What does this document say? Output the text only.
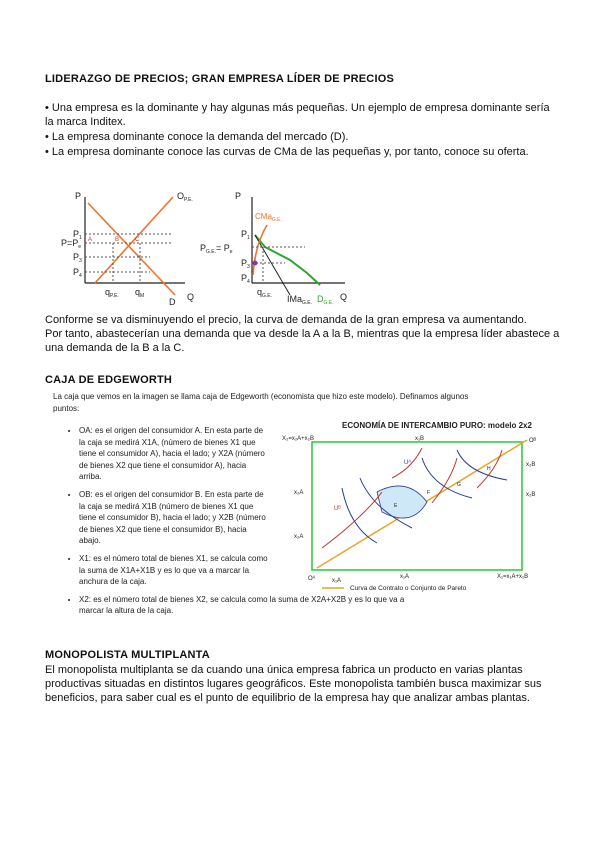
LIDERAZGO DE PRECIOS; GRAN EMPRESA LÍDER DE PRECIOS
• Una empresa es la dominante y hay algunas más pequeñas. Un ejemplo de empresa dominante sería la marca Inditex.
• La empresa dominante conoce la demanda del mercado (D).
• La empresa dominante conoce las curvas de CMa de las pequeñas y, por tanto, conoce su oferta.
P
Q
$O_{P.E.}$
$P_1$
$P=P_e$
$P_3$
$P_4$
$q_{P.E.}$ $q_M$
D
A	B	C
P
Q
CMa$_{G.E.}$
$P_1$
$P_{G.E.}= P_e$
$P_3$
$P_4$
$q_{G.E.}$ IMa$_{G.E.}$ $D_{G.E.}$
Conforme se va disminuyendo el precio, la curva de demanda de la gran empresa va aumentando.
Por tanto, abastecerían una demanda que va desde la A a la B, mientras que la empresa líder abastece a una demanda de la B a la C.
CAJA DE EDGEWORTH
La caja que vemos en la imagen se llama caja de Edgeworth (economista que hizo este modelo). Definamos algunos puntos:
• OA: es el origen del consumidor A. En esta parte de la caja se medirá X1A, (número de bienes X1 que tiene el consumidor A), hacia el lado; y X2A (número de bienes X2 que tiene el consumidor A), hacia arriba.
• OB: es el origen del consumidor B. En esta parte de la caja se medirá X1B (número de bienes X1 que tiene el consumidor B), hacia el lado; y X2B (número de bienes X2 que tiene el consumidor B), hacia abajo.
• X1: es el número total de bienes X1, se calcula como la suma de X1A+X1B y es lo que va a marcar la anchura de la caja.
• X2: es el número total de bienes X2, se calcula como la suma de X2A+X2B y es lo que va a marcar la altura de la caja.
ECONOMÍA DE INTERCAMBIO PURO: modelo 2x2
X₂=x₂A+x₂B	x₁B	Oᴮ
x₂B
x₂B
x₂A
x₂A
Oᴬ	x₁A
x₁A	X₁=x₁A+x₁B
Uᴬ
Uᴮ	E
F
G
H
Curva de Contrato o Conjunto de Pareto
MONOPOLISTA MULTIPLANTA
El monopolista multiplanta se da cuando una única empresa fabrica un producto en varias plantas productivas situadas en distintos lugares geográficos. Este monopolista también busca maximizar sus beneficios, para saber cual es el punto de equilibrio de la empresa hay que analizar ambas plantas.
